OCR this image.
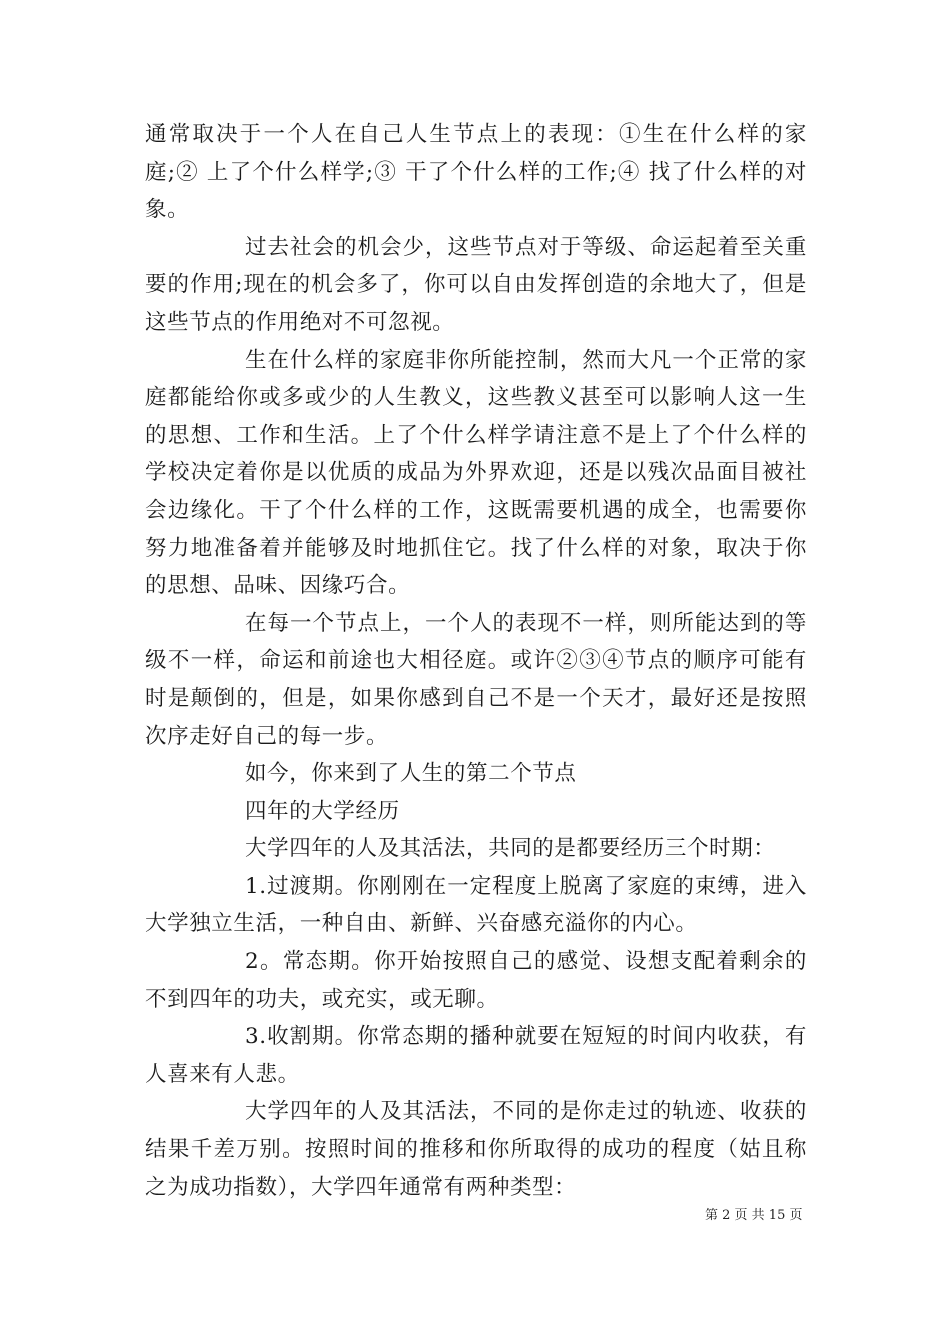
通常取决于一个人在自己人生节点上的表现：①生在什么样的家庭;② 上了个什么样学;③ 干了个什么样的工作;④ 找了什么样的对象。

过去社会的机会少，这些节点对于等级、命运起着至关重要的作用;现在的机会多了，你可以自由发挥创造的余地大了，但是这些节点的作用绝对不可忽视。

生在什么样的家庭非你所能控制，然而大凡一个正常的家庭都能给你或多或少的人生教义，这些教义甚至可以影响人这一生的思想、工作和生活。上了个什么样学请注意不是上了个什么样的学校决定着你是以优质的成品为外界欢迎，还是以残次品面目被社会边缘化。干了个什么样的工作，这既需要机遇的成全，也需要你努力地准备着并能够及时地抓住它。找了什么样的对象，取决于你的思想、品味、因缘巧合。

在每一个节点上，一个人的表现不一样，则所能达到的等级不一样，命运和前途也大相径庭。或许②③④节点的顺序可能有时是颠倒的，但是，如果你感到自己不是一个天才，最好还是按照次序走好自己的每一步。

如今，你来到了人生的第二个节点

四年的大学经历

大学四年的人及其活法，共同的是都要经历三个时期：

1.过渡期。你刚刚在一定程度上脱离了家庭的束缚，进入大学独立生活，一种自由、新鲜、兴奋感充溢你的内心。

2。常态期。你开始按照自己的感觉、设想支配着剩余的不到四年的功夫，或充实，或无聊。

3.收割期。你常态期的播种就要在短短的时间内收获，有人喜来有人悲。

大学四年的人及其活法，不同的是你走过的轨迹、收获的结果千差万别。按照时间的推移和你所取得的成功的程度（姑且称之为成功指数），大学四年通常有两种类型：

第 2 页 共 15 页
